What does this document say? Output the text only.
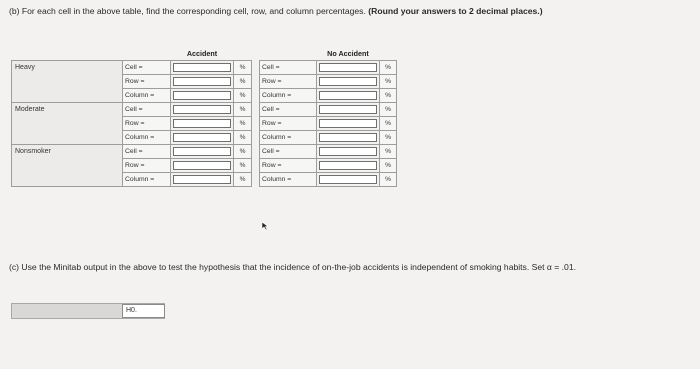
(b) For each cell in the above table, find the corresponding cell, row, and column percentages. (Round your answers to 2 decimal places.)
		Accident				No Accident	
Heavy	Cell =		%		Cell =		%
	Row =		%		Row =		%
	Column =		%		Column =		%
Moderate	Cell =		%		Cell =		%
	Row =		%		Row =		%
	Column =		%		Column =		%
Nonsmoker	Cell =		%		Cell =		%
	Row =		%		Row =		%
	Column =		%		Column =		%
(c) Use the Minitab output in the above to test the hypothesis that the incidence of on-the-job accidents is independent of smoking habits. Set α = .01.
H0.
